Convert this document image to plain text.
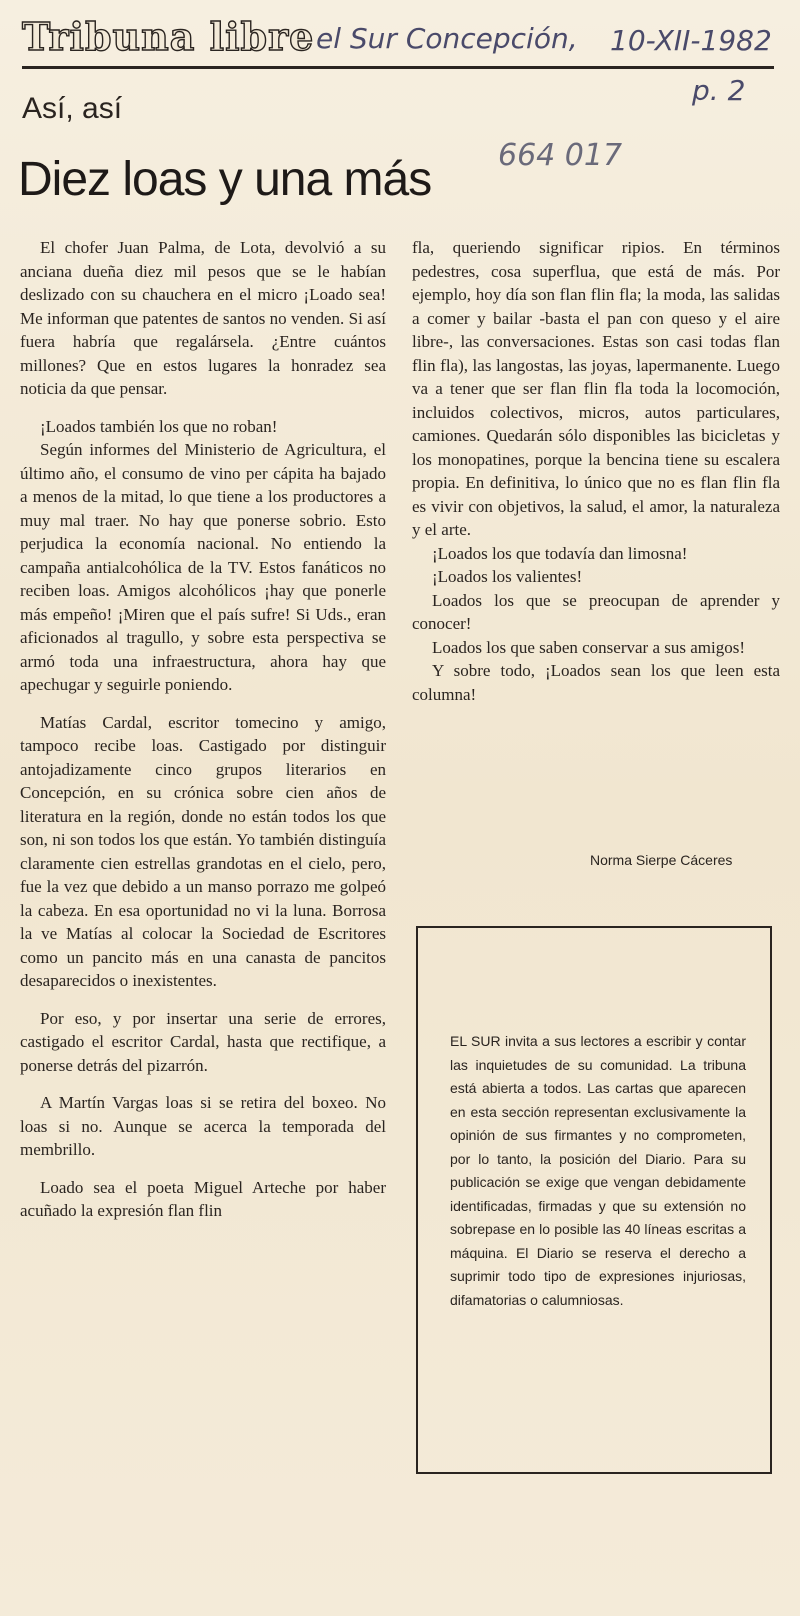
Tribuna libre el Sur Concepción, 10-XII-1982
p. 2
664 017
Así, así
Diez loas y una más

El chofer Juan Palma, de Lota, devolvió a su anciana dueña diez mil pesos que se le habían deslizado con su chauchera en el micro ¡Loado sea! Me informan que patentes de santos no venden. Si así fuera habría que regalársela. ¿Entre cuántos millones? Que en estos lugares la honradez sea noticia da que pensar.

¡Loados también los que no roban!

Según informes del Ministerio de Agricultura, el último año, el consumo de vino per cápita ha bajado a menos de la mitad, lo que tiene a los productores a muy mal traer. No hay que ponerse sobrio. Esto perjudica la economía nacional. No entiendo la campaña antialcohólica de la TV. Estos fanáticos no reciben loas. Amigos alcohólicos ¡hay que ponerle más empeño! ¡Miren que el país sufre! Si Uds., eran aficionados al tragullo, y sobre esta perspectiva se armó toda una infraestructura, ahora hay que apechugar y seguirle poniendo.

Matías Cardal, escritor tomecino y amigo, tampoco recibe loas. Castigado por distinguir antojadizamente cinco grupos literarios en Concepción, en su crónica sobre cien años de literatura en la región, donde no están todos los que son, ni son todos los que están. Yo también distinguía claramente cien estrellas grandotas en el cielo, pero, fue la vez que debido a un manso porrazo me golpeó la cabeza. En esa oportunidad no vi la luna. Borrosa la ve Matías al colocar la Sociedad de Escritores como un pancito más en una canasta de pancitos desaparecidos o inexistentes.

Por eso, y por insertar una serie de errores, castigado el escritor Cardal, hasta que rectifique, a ponerse detrás del pizarrón.

A Martín Vargas loas si se retira del boxeo. No loas si no. Aunque se acerca la temporada del membrillo.

Loado sea el poeta Miguel Arteche por haber acuñado la expresión flan flin

fla, queriendo significar ripios. En términos pedestres, cosa superflua, que está de más. Por ejemplo, hoy día son flan flin fla; la moda, las salidas a comer y bailar -basta el pan con queso y el aire libre-, las conversaciones. Estas son casi todas flan flin fla), las langostas, las joyas, lapermanente. Luego va a tener que ser flan flin fla toda la locomoción, incluidos colectivos, micros, autos particulares, camiones. Quedarán sólo disponibles las bicicletas y los monopatines, porque la bencina tiene su escalera propia. En definitiva, lo único que no es flan flin fla es vivir con objetivos, la salud, el amor, la naturaleza y el arte.

¡Loados los que todavía dan limosna!

¡Loados los valientes!

Loados los que se preocupan de aprender y conocer!

Loados los que saben conservar a sus amigos!

Y sobre todo, ¡Loados sean los que leen esta columna!

Norma Sierpe Cáceres
EL SUR invita a sus lectores a escribir y contar las inquietudes de su comunidad. La tribuna está abierta a todos. Las cartas que aparecen en esta sección representan exclusivamente la opinión de sus firmantes y no comprometen, por lo tanto, la posición del Diario. Para su publicación se exige que vengan debidamente identificadas, firmadas y que su extensión no sobrepase en lo posible las 40 líneas escritas a máquina. El Diario se reserva el derecho a suprimir todo tipo de expresiones injuriosas, difamatorias o calumniosas.
